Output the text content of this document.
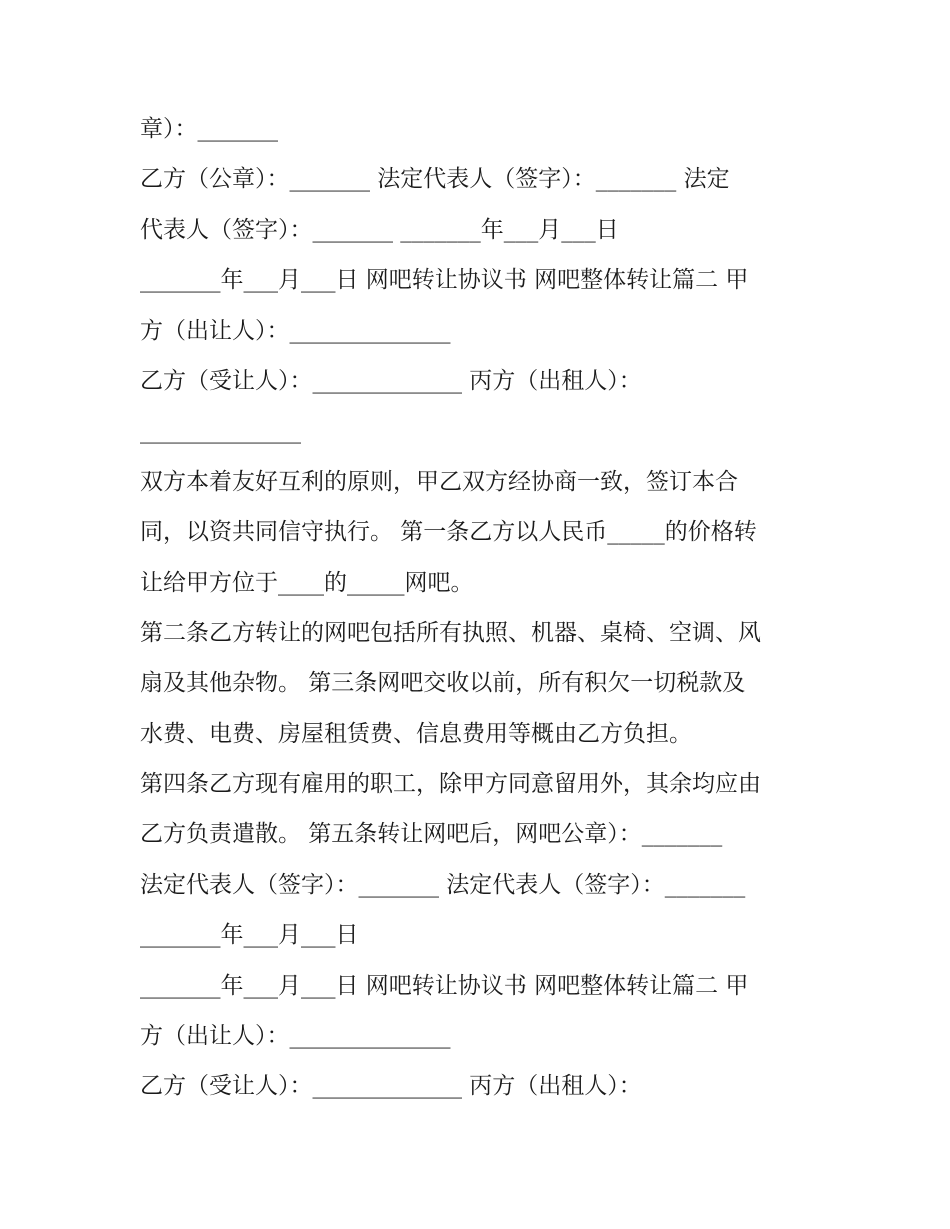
章）：_______
乙方（公章）：_______ 法定代表人（签字）：_______ 法定
代表人（签字）：_______ _______年___月___日
_______年___月___日 网吧转让协议书 网吧整体转让篇二 甲
方（出让人）：______________
乙方（受让人）：_____________ 丙方（出租人）：
______________
双方本着友好互利的原则，甲乙双方经协商一致，签订本合
同，以资共同信守执行。 第一条乙方以人民币_____的价格转
让给甲方位于____的_____网吧。
第二条乙方转让的网吧包括所有执照、机器、桌椅、空调、风
扇及其他杂物。 第三条网吧交收以前，所有积欠一切税款及
水费、电费、房屋租赁费、信息费用等概由乙方负担。
第四条乙方现有雇用的职工，除甲方同意留用外，其余均应由
乙方负责遣散。 第五条转让网吧后，网吧公章）：_______
法定代表人（签字）：_______ 法定代表人（签字）：_______
_______年___月___日
_______年___月___日 网吧转让协议书 网吧整体转让篇二 甲
方（出让人）：______________
乙方（受让人）：_____________ 丙方（出租人）：
